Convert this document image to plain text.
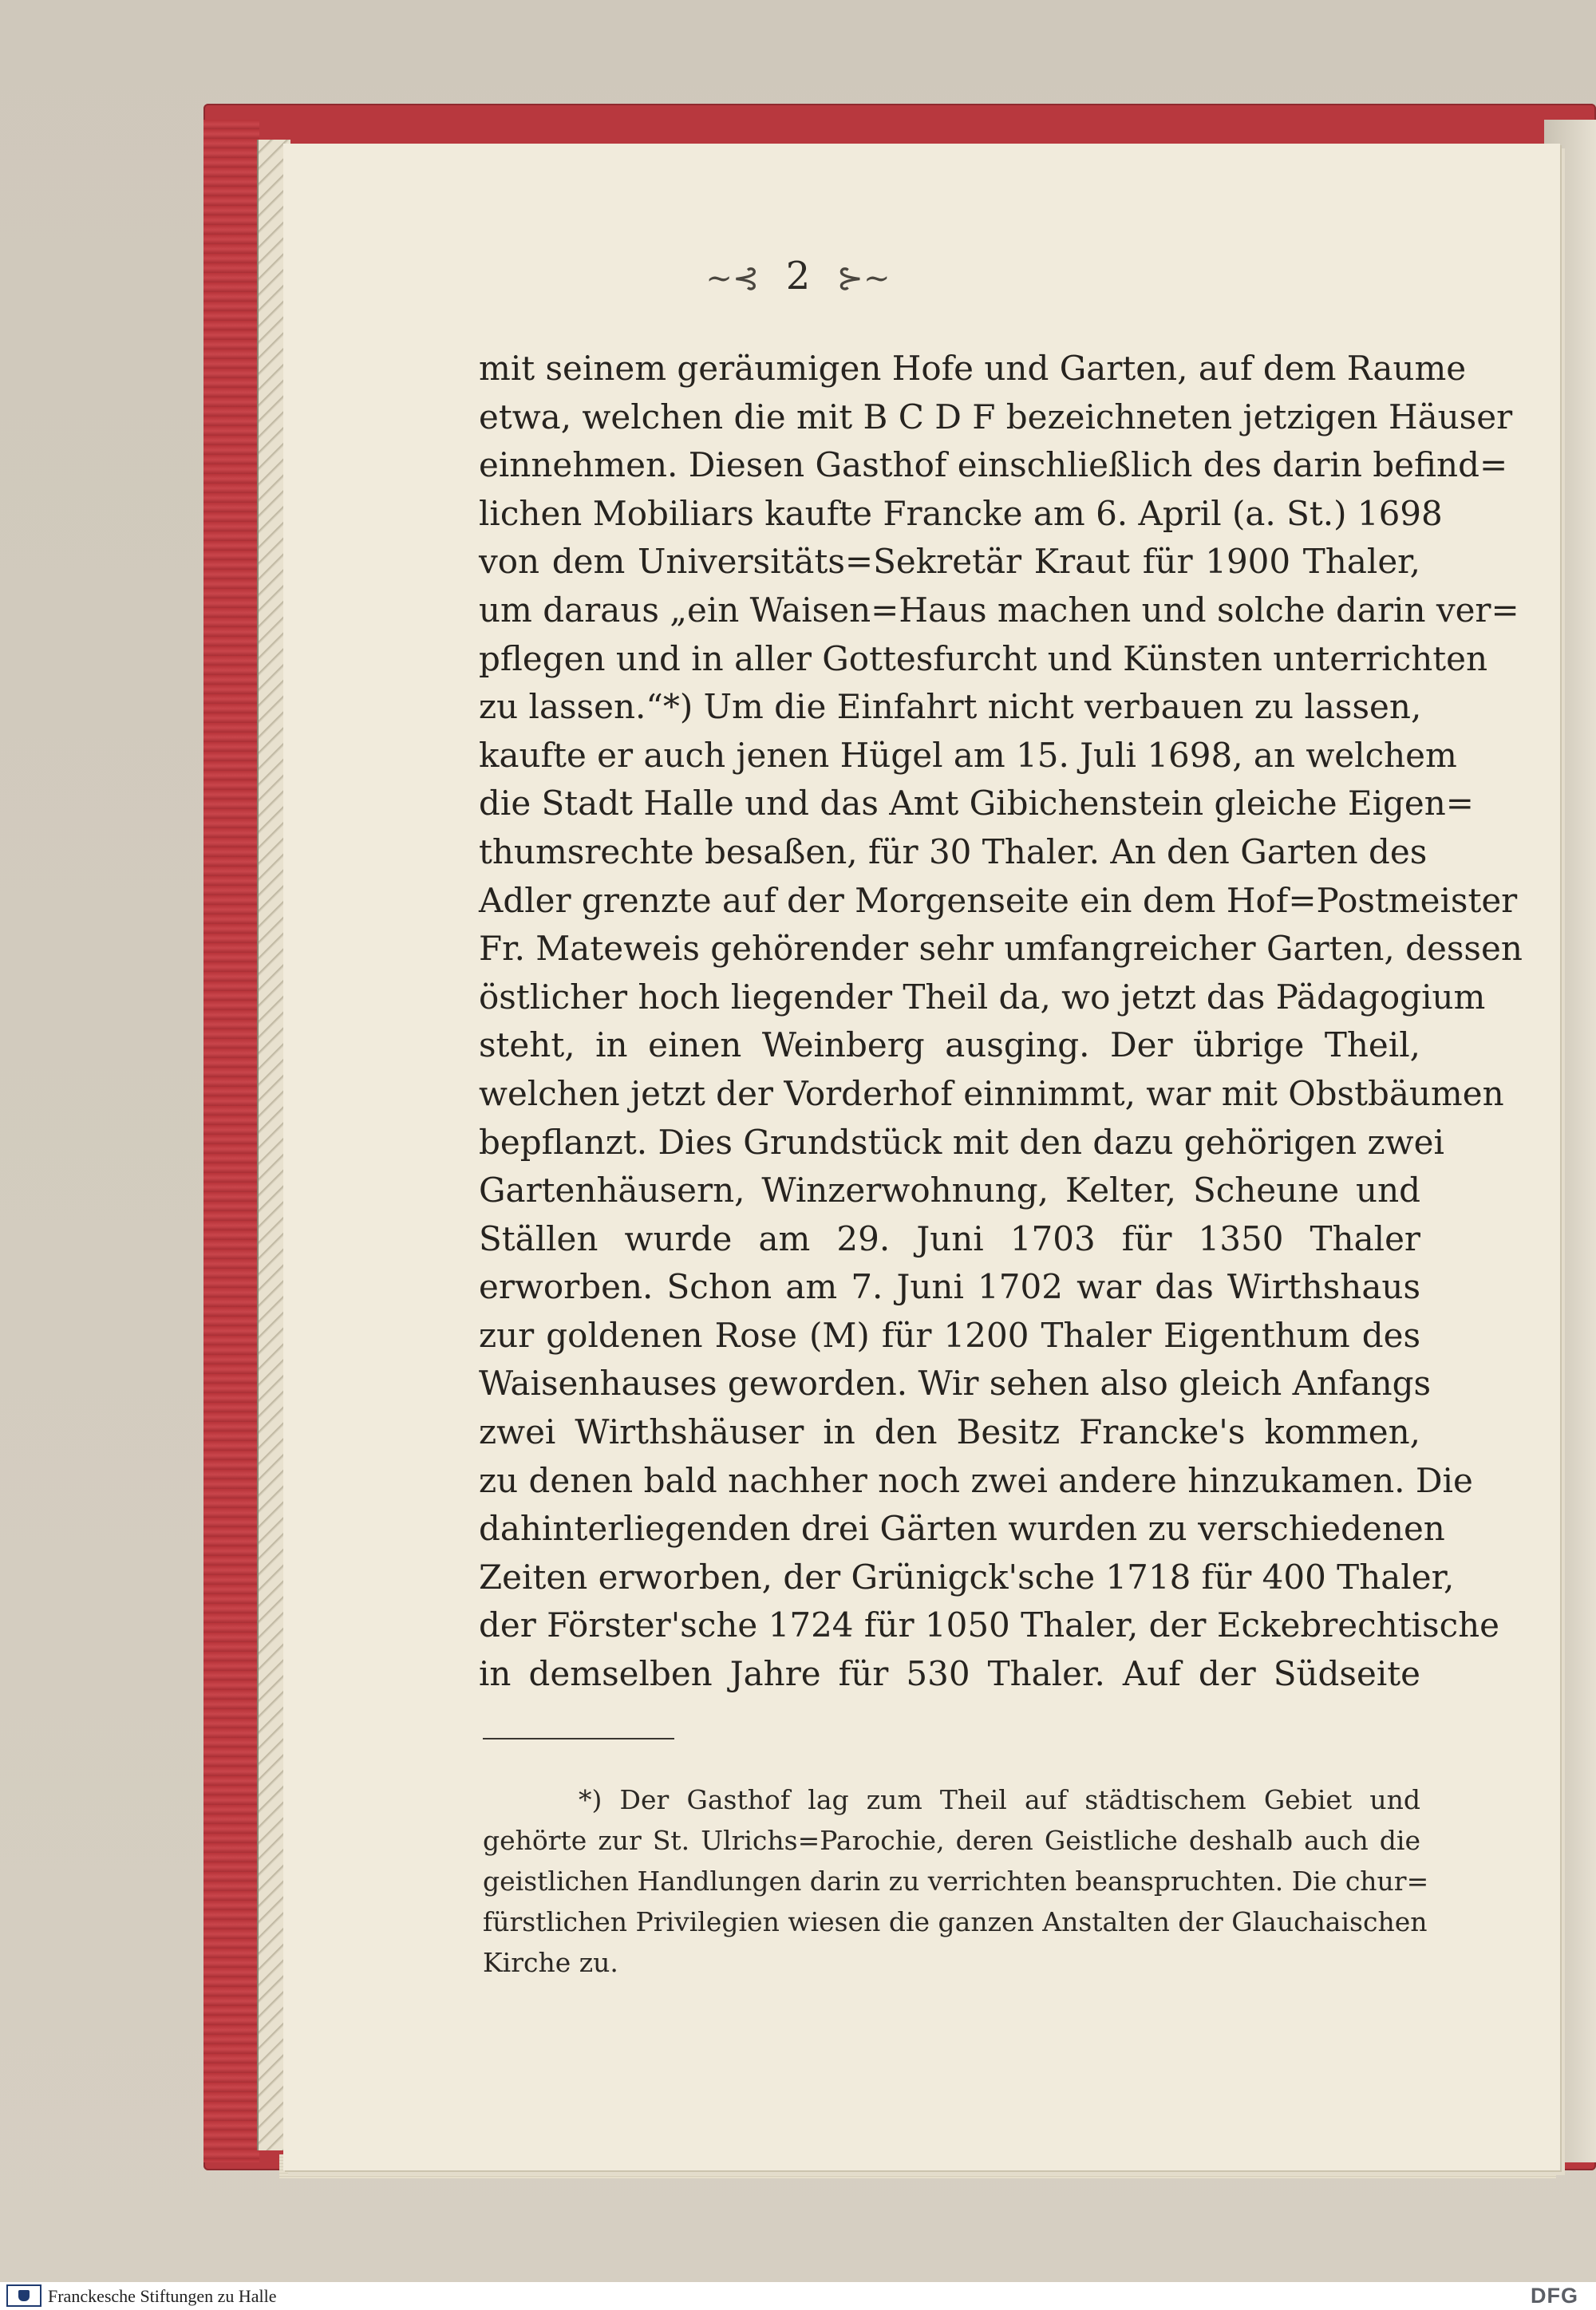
~⊰ 2 ⊱~
mit seinem geräumigen Hofe und Garten, auf dem Raume
etwa, welchen die mit B C D F bezeichneten jetzigen Häuser
einnehmen. Diesen Gasthof einschließlich des darin befind=
lichen Mobiliars kaufte Francke am 6. April (a. St.) 1698
von dem Universitäts=Sekretär Kraut für 1900 Thaler,
um daraus „ein Waisen=Haus machen und solche darin ver=
pflegen und in aller Gottesfurcht und Künsten unterrichten
zu lassen.“*) Um die Einfahrt nicht verbauen zu lassen,
kaufte er auch jenen Hügel am 15. Juli 1698, an welchem
die Stadt Halle und das Amt Gibichenstein gleiche Eigen=
thumsrechte besaßen, für 30 Thaler. An den Garten des
Adler grenzte auf der Morgenseite ein dem Hof=Postmeister
Fr. Mateweis gehörender sehr umfangreicher Garten, dessen
östlicher hoch liegender Theil da, wo jetzt das Pädagogium
steht, in einen Weinberg ausging. Der übrige Theil,
welchen jetzt der Vorderhof einnimmt, war mit Obstbäumen
bepflanzt. Dies Grundstück mit den dazu gehörigen zwei
Gartenhäusern, Winzerwohnung, Kelter, Scheune und
Ställen wurde am 29. Juni 1703 für 1350 Thaler
erworben. Schon am 7. Juni 1702 war das Wirthshaus
zur goldenen Rose (M) für 1200 Thaler Eigenthum des
Waisenhauses geworden. Wir sehen also gleich Anfangs
zwei Wirthshäuser in den Besitz Francke's kommen,
zu denen bald nachher noch zwei andere hinzukamen. Die
dahinterliegenden drei Gärten wurden zu verschiedenen
Zeiten erworben, der Grünigck'sche 1718 für 400 Thaler,
der Förster'sche 1724 für 1050 Thaler, der Eckebrechtische
in demselben Jahre für 530 Thaler. Auf der Südseite
*) Der Gasthof lag zum Theil auf städtischem Gebiet und
gehörte zur St. Ulrichs=Parochie, deren Geistliche deshalb auch die
geistlichen Handlungen darin zu verrichten beanspruchten. Die chur=
fürstlichen Privilegien wiesen die ganzen Anstalten der Glauchaischen
Kirche zu.
Franckesche Stiftungen zu Halle	DFG
